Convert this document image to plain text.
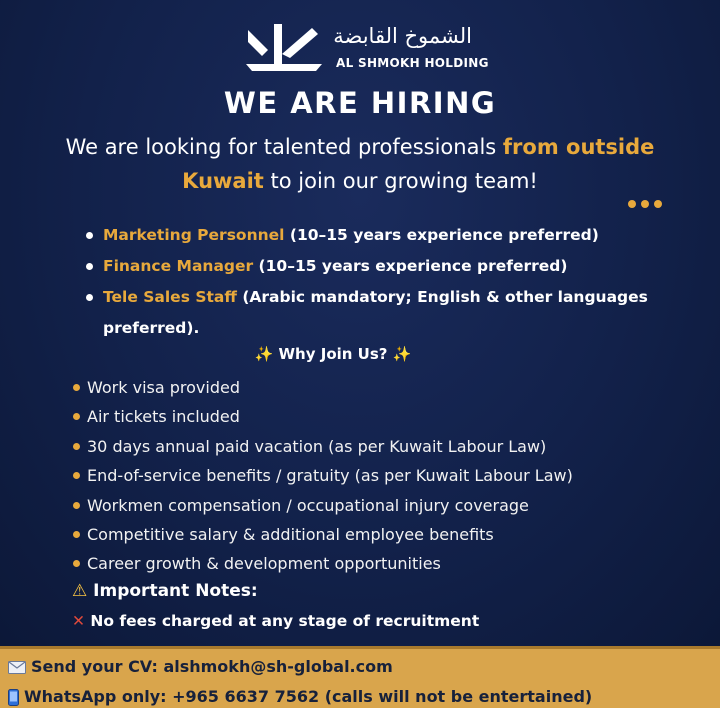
الشموخ القابضة
AL SHMOKH HOLDING
WE ARE HIRING
We are looking for talented professionals from outside Kuwait to join our growing team!
Marketing Personnel (10–15 years experience preferred)
Finance Manager (10–15 years experience preferred)
Tele Sales Staff (Arabic mandatory; English & other languages preferred).
✨ Why Join Us? ✨
Work visa provided
Air tickets included
30 days annual paid vacation (as per Kuwait Labour Law)
End-of-service benefits / gratuity (as per Kuwait Labour Law)
Workmen compensation / occupational injury coverage
Competitive salary & additional employee benefits
Career growth & development opportunities
⚠ Important Notes:
✕ No fees charged at any stage of recruitment
Send your CV: alshmokh@sh-global.com
WhatsApp only: +965 6637 7562 (calls will not be entertained)
